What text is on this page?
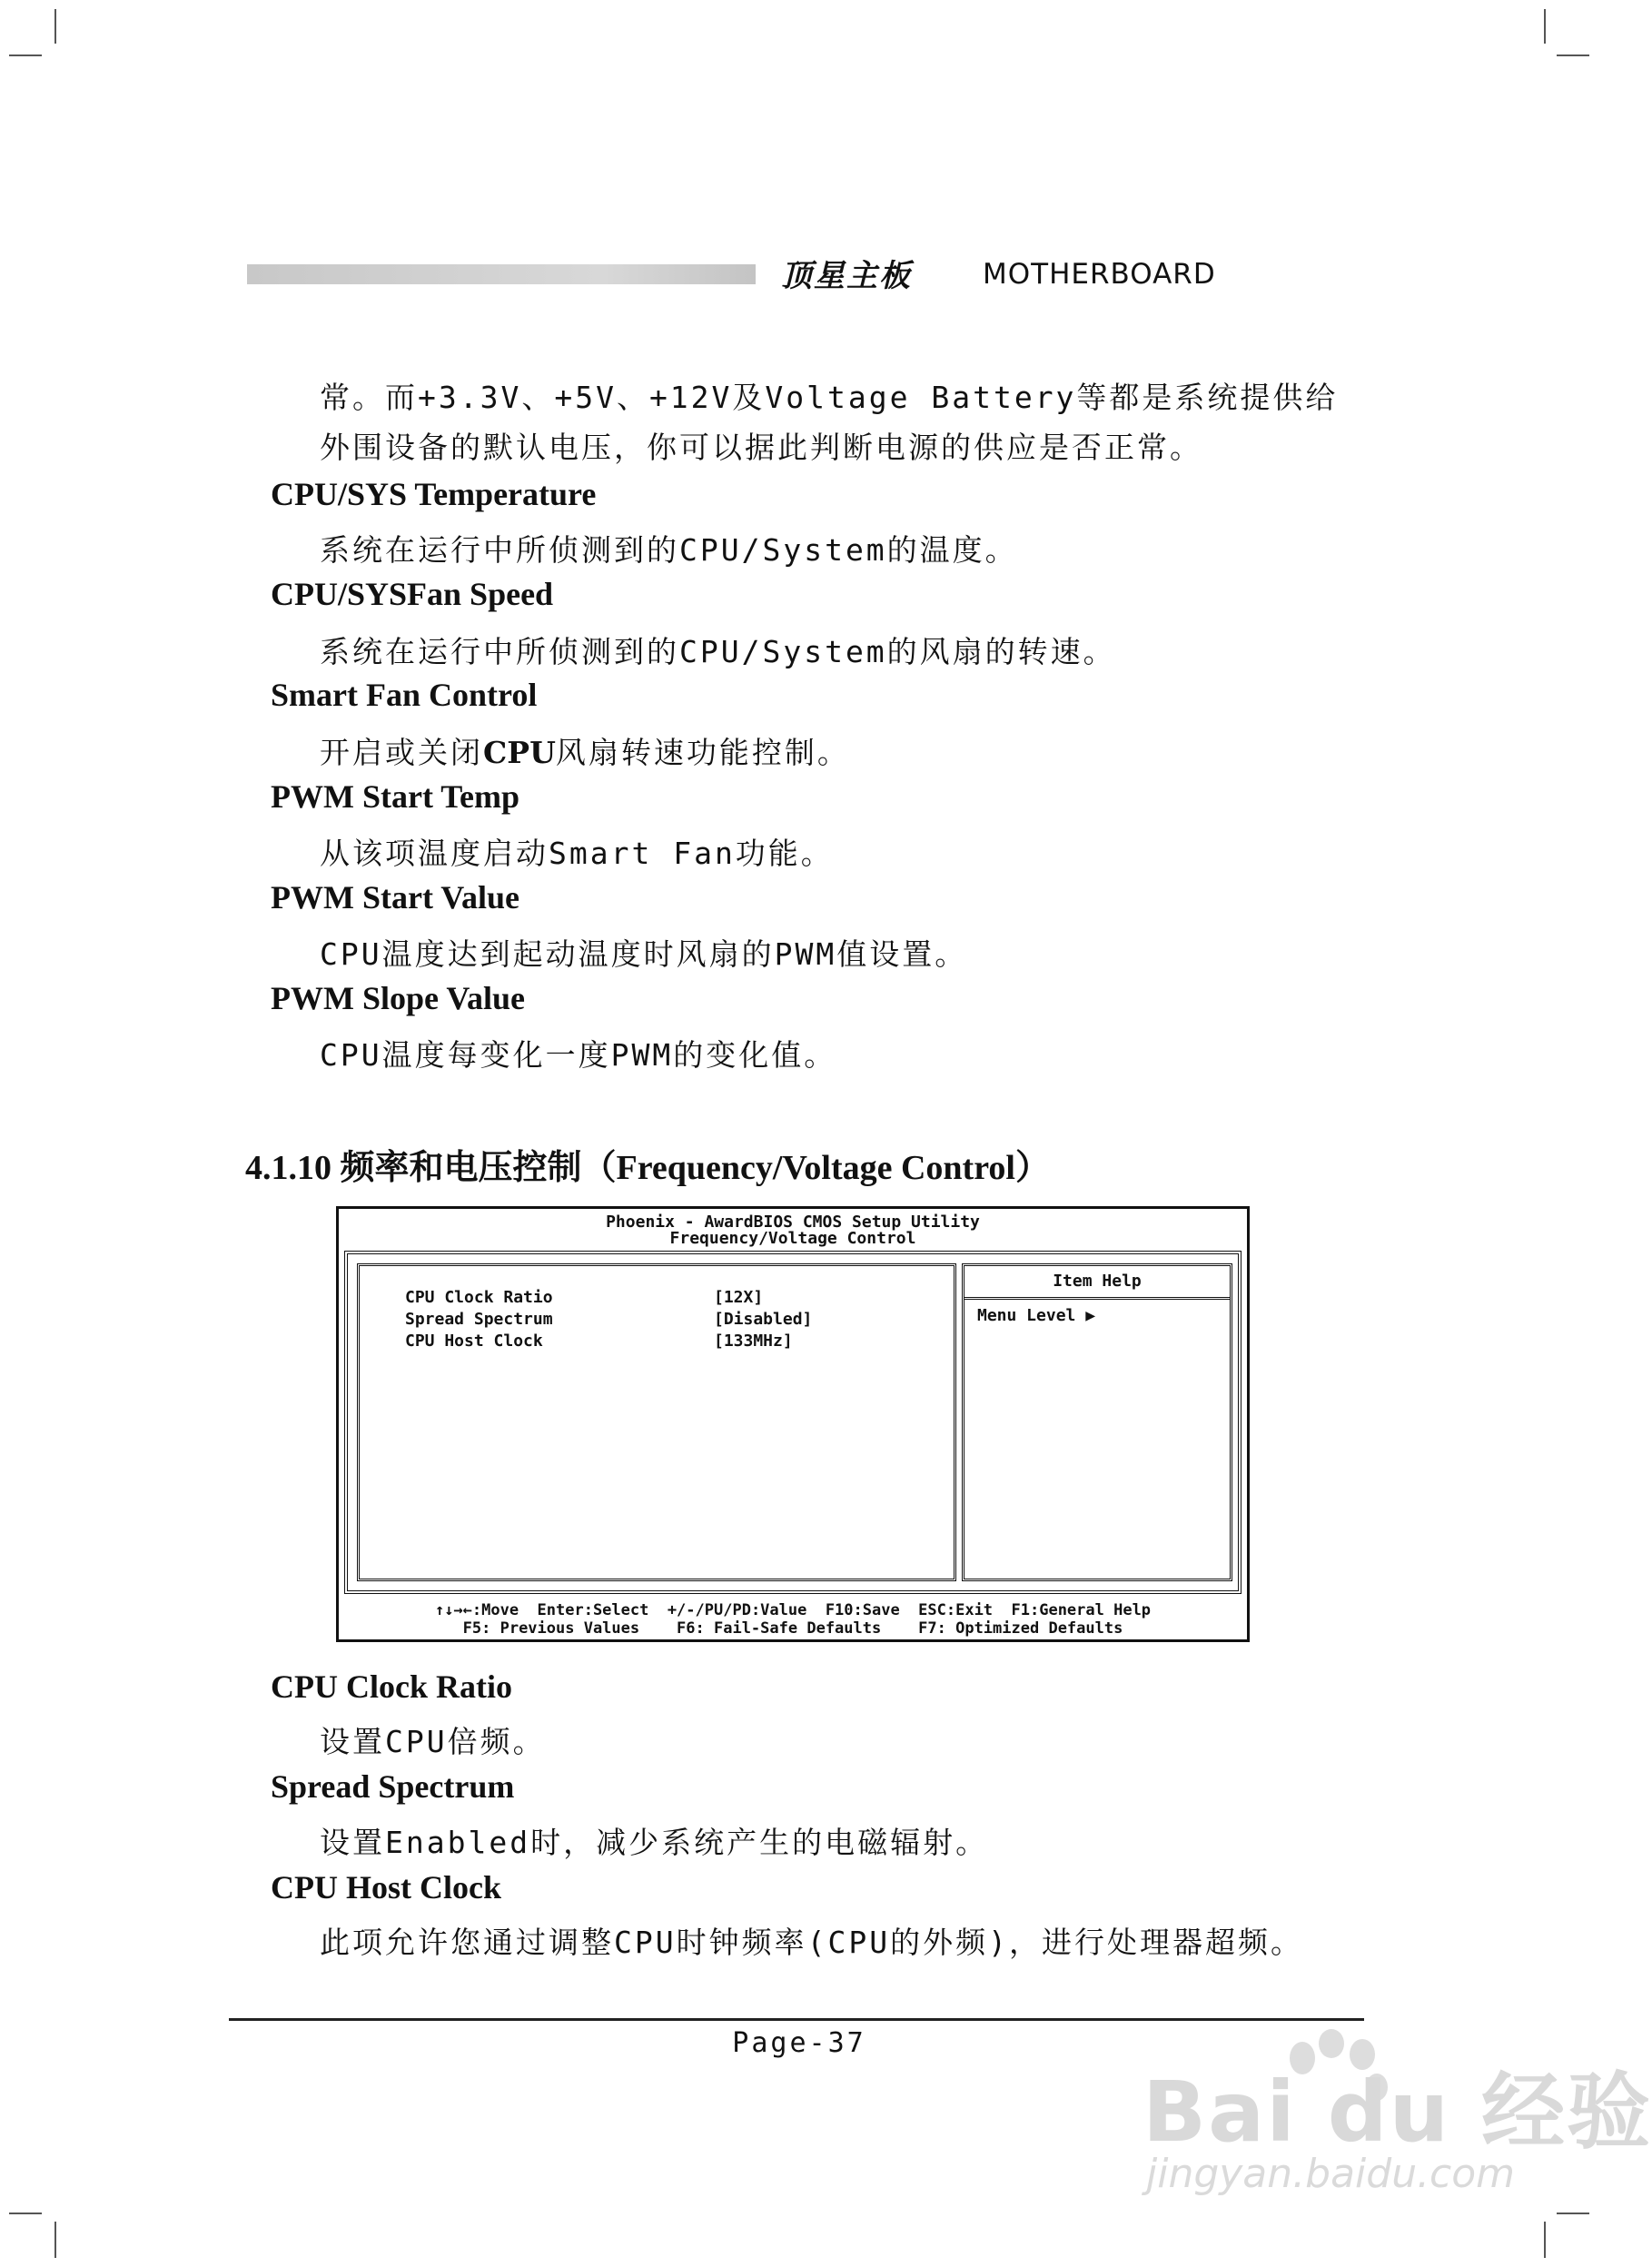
顶星主板	MOTHERBOARD
常。而+3.3V、+5V、+12V及Voltage Battery等都是系统提供给
外围设备的默认电压，你可以据此判断电源的供应是否正常。
CPU/SYS Temperature
系统在运行中所侦测到的CPU/System的温度。
CPU/SYSFan Speed
系统在运行中所侦测到的CPU/System的风扇的转速。
Smart Fan Control
开启或关闭CPU风扇转速功能控制。
PWM Start Temp
从该项温度启动Smart Fan功能。
PWM Start Value
CPU温度达到起动温度时风扇的PWM值设置。
PWM Slope Value
CPU温度每变化一度PWM的变化值。
4.1.10 频率和电压控制（Frequency/Voltage Control）
Phoenix - AwardBIOS CMOS Setup Utility
Frequency/Voltage Control
CPU Clock Ratio	[12X]
Spread Spectrum	[Disabled]
CPU Host Clock	[133MHz]
Item Help
Menu Level ▶
↑↓→←:Move  Enter:Select  +/-/PU/PD:Value  F10:Save  ESC:Exit  F1:General Help
F5: Previous Values    F6: Fail-Safe Defaults    F7: Optimized Defaults
CPU Clock Ratio
设置CPU倍频。
Spread Spectrum
设置Enabled时，减少系统产生的电磁辐射。
CPU Host Clock
此项允许您通过调整CPU时钟频率(CPU的外频)，进行处理器超频。
Page-37
Bai du 经验
jingyan.baidu.com
